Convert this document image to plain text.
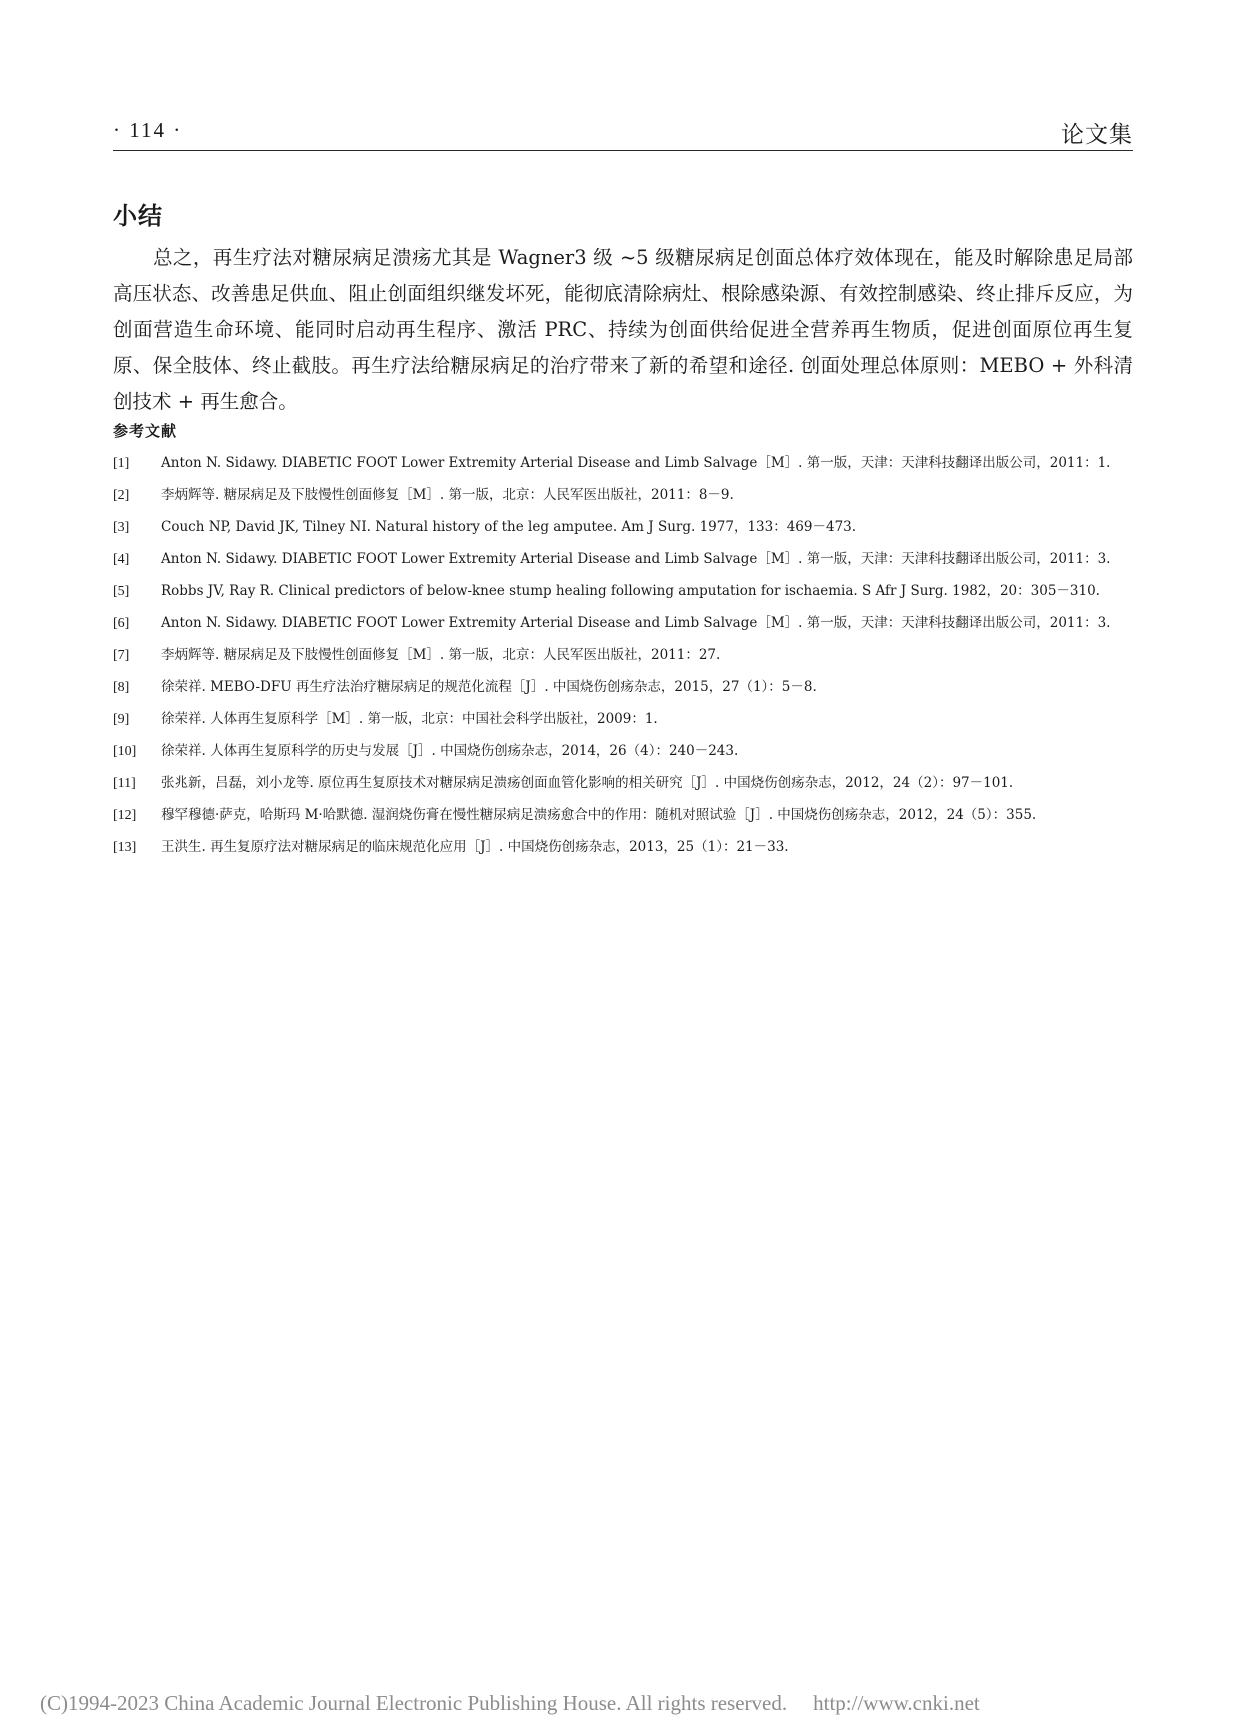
· 114 ·	论文集
小结

总之，再生疗法对糖尿病足溃疡尤其是 Wagner3 级 ~5 级糖尿病足创面总体疗效体现在，能及时解除患足局部高压状态、改善患足供血、阻止创面组织继发坏死，能彻底清除病灶、根除感染源、有效控制感染、终止排斥反应，为创面营造生命环境、能同时启动再生程序、激活 PRC、持续为创面供给促进全营养再生物质，促进创面原位再生复原、保全肢体、终止截肢。再生疗法给糖尿病足的治疗带来了新的希望和途径. 创面处理总体原则：MEBO + 外科清创技术 + 再生愈合。

参考文献
[1] Anton N. Sidawy. DIABETIC FOOT Lower Extremity Arterial Disease and Limb Salvage［M］. 第一版，天津：天津科技翻译出版公司，2011：1.
[2] 李炳辉等. 糖尿病足及下肢慢性创面修复［M］. 第一版，北京：人民军医出版社，2011：8－9.
[3] Couch NP, David JK, Tilney NI. Natural history of the leg amputee. Am J Surg. 1977，133：469－473.
[4] Anton N. Sidawy. DIABETIC FOOT Lower Extremity Arterial Disease and Limb Salvage［M］. 第一版，天津：天津科技翻译出版公司，2011：3.
[5] Robbs JV, Ray R. Clinical predictors of below-knee stump healing following amputation for ischaemia. S Afr J Surg. 1982，20：305－310.
[6] Anton N. Sidawy. DIABETIC FOOT Lower Extremity Arterial Disease and Limb Salvage［M］. 第一版，天津：天津科技翻译出版公司，2011：3.
[7] 李炳辉等. 糖尿病足及下肢慢性创面修复［M］. 第一版，北京：人民军医出版社，2011：27.
[8] 徐荣祥. MEBO-DFU 再生疗法治疗糖尿病足的规范化流程［J］. 中国烧伤创疡杂志，2015，27（1）：5－8.
[9] 徐荣祥. 人体再生复原科学［M］. 第一版，北京：中国社会科学出版社，2009：1.
[10] 徐荣祥. 人体再生复原科学的历史与发展［J］. 中国烧伤创疡杂志，2014，26（4）：240－243.
[11] 张兆新，吕磊，刘小龙等. 原位再生复原技术对糖尿病足溃疡创面血管化影响的相关研究［J］. 中国烧伤创疡杂志，2012，24（2）：97－101.
[12] 穆罕穆德·萨克，哈斯玛 M·哈默德. 湿润烧伤膏在慢性糖尿病足溃疡愈合中的作用：随机对照试验［J］. 中国烧伤创疡杂志，2012，24（5）：355.
[13] 王洪生. 再生复原疗法对糖尿病足的临床规范化应用［J］. 中国烧伤创疡杂志，2013，25（1）：21－33.
(C)1994-2023 China Academic Journal Electronic Publishing House. All rights reserved. http://www.cnki.net
